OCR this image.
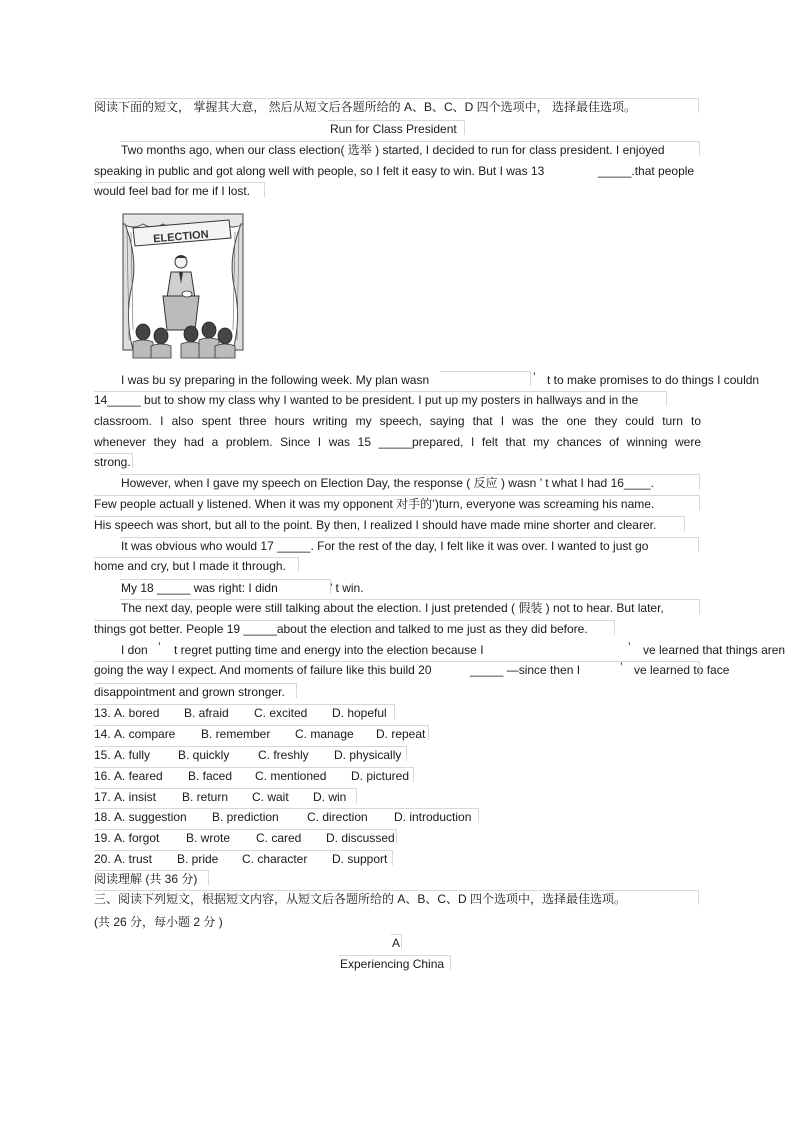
阅读下面的短文， 掌握其大意， 然后从短文后各题所给的 A、B、C、D 四个选项中， 选择最佳选项。
Run for Class President
Two months ago, when our class election( 选举 ) started, I decided to run for class president. I enjoyed
speaking in public and got along well with people, so I felt it easy to win. But I was 13	_____.that people
would feel bad for me if I lost.
ELECTION
I was bu sy preparing in the following week. My plan wasn	’ t to make promises to do things I couldn
14_____ but to show my class why I wanted to be president. I put up my posters in hallways and in the
classroom. I also spent three hours writing my speech, saying that I was the one they could turn to
whenever they had a problem. Since I was 15 _____prepared, I felt that my chances of winning were
strong.
However, when I gave my speech on Election Day, the response ( 反应 ) wasn ’ t what I had 16____.
Few people actuall y listened. When it was my opponent 对手的’)turn, everyone was screaming his name.
His speech was short, but all to the point. By then, I realized I should have made mine shorter and clearer.
It was obvious who would 17 _____. For the rest of the day, I felt like it was over. I wanted to just go
home and cry, but I made it through.
My 18 _____ was right: I didn	’ t win.
The next day, people were still talking about the election. I just pretended ( 假装 ) not to hear. But later,
things got better. People 19 _____about the election and talked to me just as they did before.
I don ’ t regret putting time and energy into the election because I	’ ve learned that things aren
going the way I expect. And moments of failure like this build 20	_____ —since then I	’ ve learned to face
disappointment and grown stronger.
13. A. bored B. afraid C. excited D. hopeful
14. A. compare B. remember C. manage D. repeat
15. A. fully B. quickly C. freshly D. physically
16. A. feared B. faced C. mentioned D. pictured
17. A. insist B. return C. wait D. win
18. A. suggestion B. prediction C. direction D. introduction
19. A. forgot B. wrote C. cared D. discussed
20. A. trust B. pride C. character D. support
阅读理解 (共 36 分)
三、阅读下列短文，根据短文内容，从短文后各题所给的 A、B、C、D 四个选项中，选择最佳选项。
(共 26 分，每小题 2 分 )
A
Experiencing China
